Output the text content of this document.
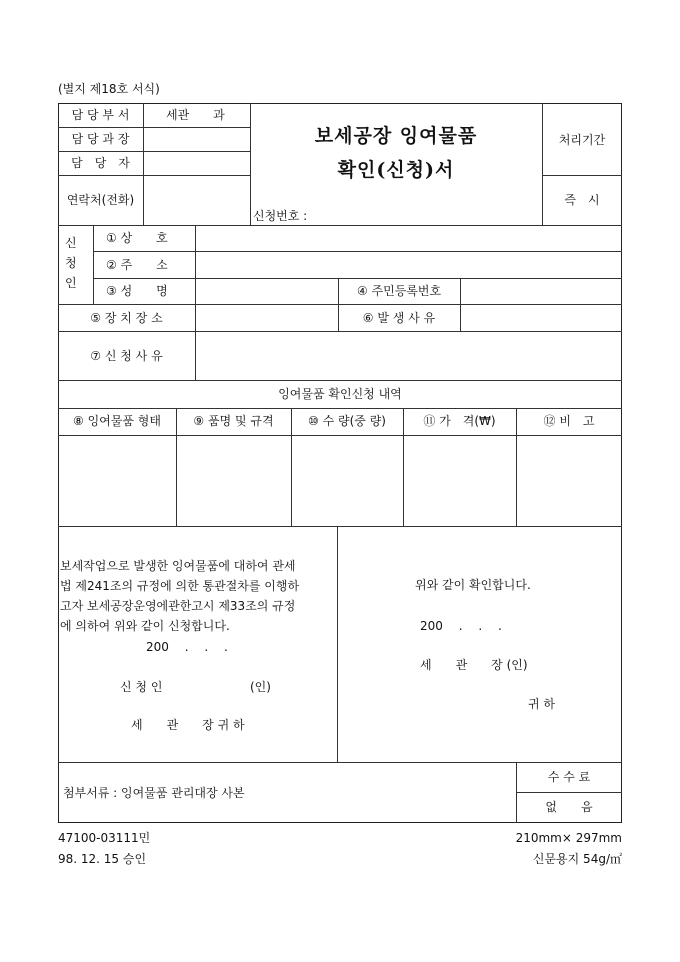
(별지 제18호 서식)
담 당 부 서	세관　　과
담 당 과 장
담　당　자
연락처(전화)
보세공장 잉여물품
확인(신청)서
신청번호 :
처리기간
즉　시
신
청
인
① 상　　호
② 주　　소
③ 성　　명	④ 주민등록번호
⑤ 장 치 장 소	⑥ 발 생 사 유
⑦ 신 청 사 유
잉여물품 확인신청 내역
⑧ 잉여물품 형태	⑨ 품명 및 규격	⑩ 수 량(중 량)	⑪ 가　격(₩)	⑫ 비　고
보세작업으로 발생한 잉여물품에 대하여 관세
법 제241조의 규정에 의한 통관절차를 이행하
고자 보세공장운영에관한고시 제33조의 규정
에 의하여 위와 같이 신청합니다.
200　 .　 .　 .
신 청 인	(인)
세　　관　　장 귀 하
위와 같이 확인합니다.
200　 .　 .　 .
세　　관　　장 (인)
귀 하
첨부서류 : 잉여물품 관리대장 사본
수 수 료
없　　음
47100-03111민
98. 12. 15 승인
210mm× 297mm
신문용지 54g/㎡
